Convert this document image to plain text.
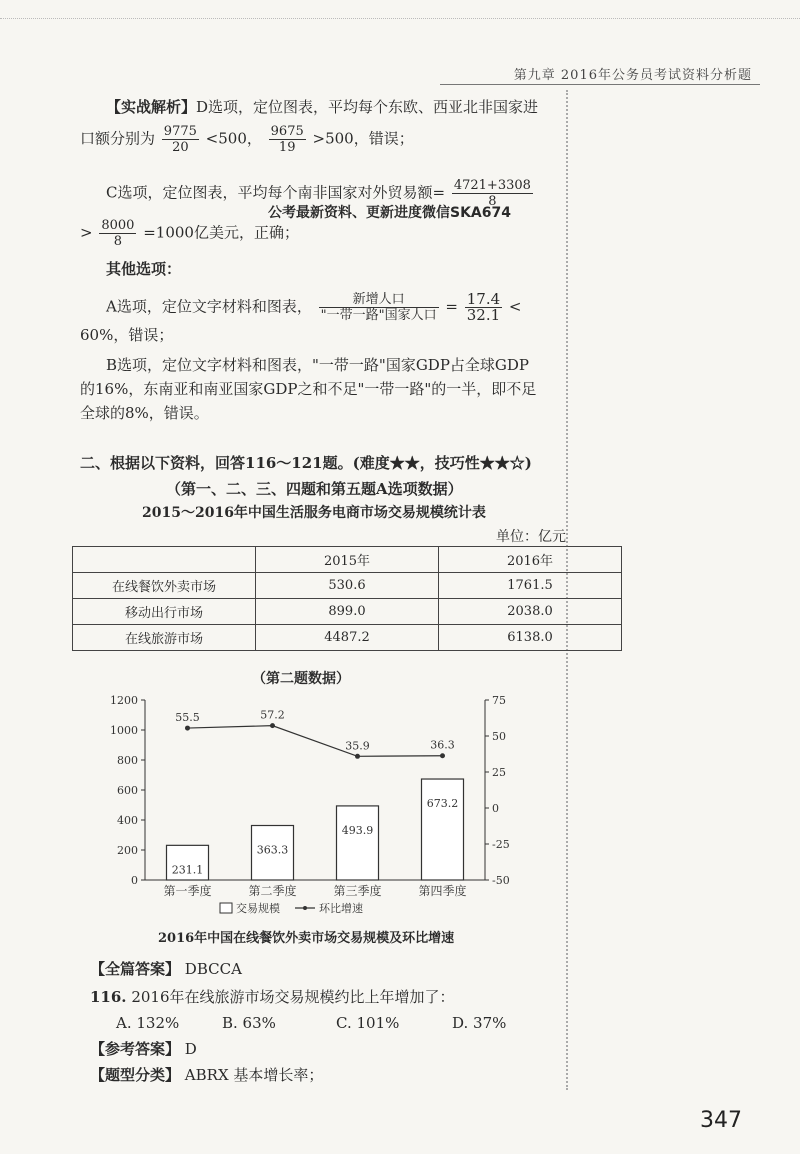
第九章 2016年公务员考试资料分析题
【实战解析】D选项，定位图表，平均每个东欧、西亚北非国家进
口额分别为 $\frac{9775}{20} <500$， $\frac{9675}{19} >500$，错误；
C选项，定位图表，平均每个南非国家对外贸易额= $\frac{4721+3308}{8}$
公考最新资料、更新进度微信SKA674
> $\frac{8000}{8} =1000$亿美元，正确；
其他选项：
A选项，定位文字材料和图表， $\frac{\text{新增人口}}{\text{"一带一路"国家人口}} = \frac{17.4}{32.1}$ <
60%，错误；
B选项，定位文字材料和图表，"一带一路"国家GDP占全球GDP
的16%，东南亚和南亚国家GDP之和不足"一带一路"的一半，即不足
全球的8%，错误。
二、根据以下资料，回答116～121题。(难度★★，技巧性★★☆)
（第一、二、三、四题和第五题A选项数据）
2015～2016年中国生活服务电商市场交易规模统计表
单位：亿元
	2015年	2016年
在线餐饮外卖市场	530.6	1761.5
移动出行市场	899.0	2038.0
在线旅游市场	4487.2	6138.0
（第二题数据）
0
200
400
600
800
1000
1200
-50
-25
0
25
50
75
231.1
第一季度
363.3
第二季度
493.9
第三季度
673.2
第四季度
55.5	57.2
35.9	36.3
交易规模	环比增速
2016年中国在线餐饮外卖市场交易规模及环比增速
【全篇答案】 DBCCA
116. 2016年在线旅游市场交易规模约比上年增加了：
A. 132%	B. 63%	C. 101%	D. 37%
【参考答案】 D
【题型分类】 ABRX 基本增长率；
347
